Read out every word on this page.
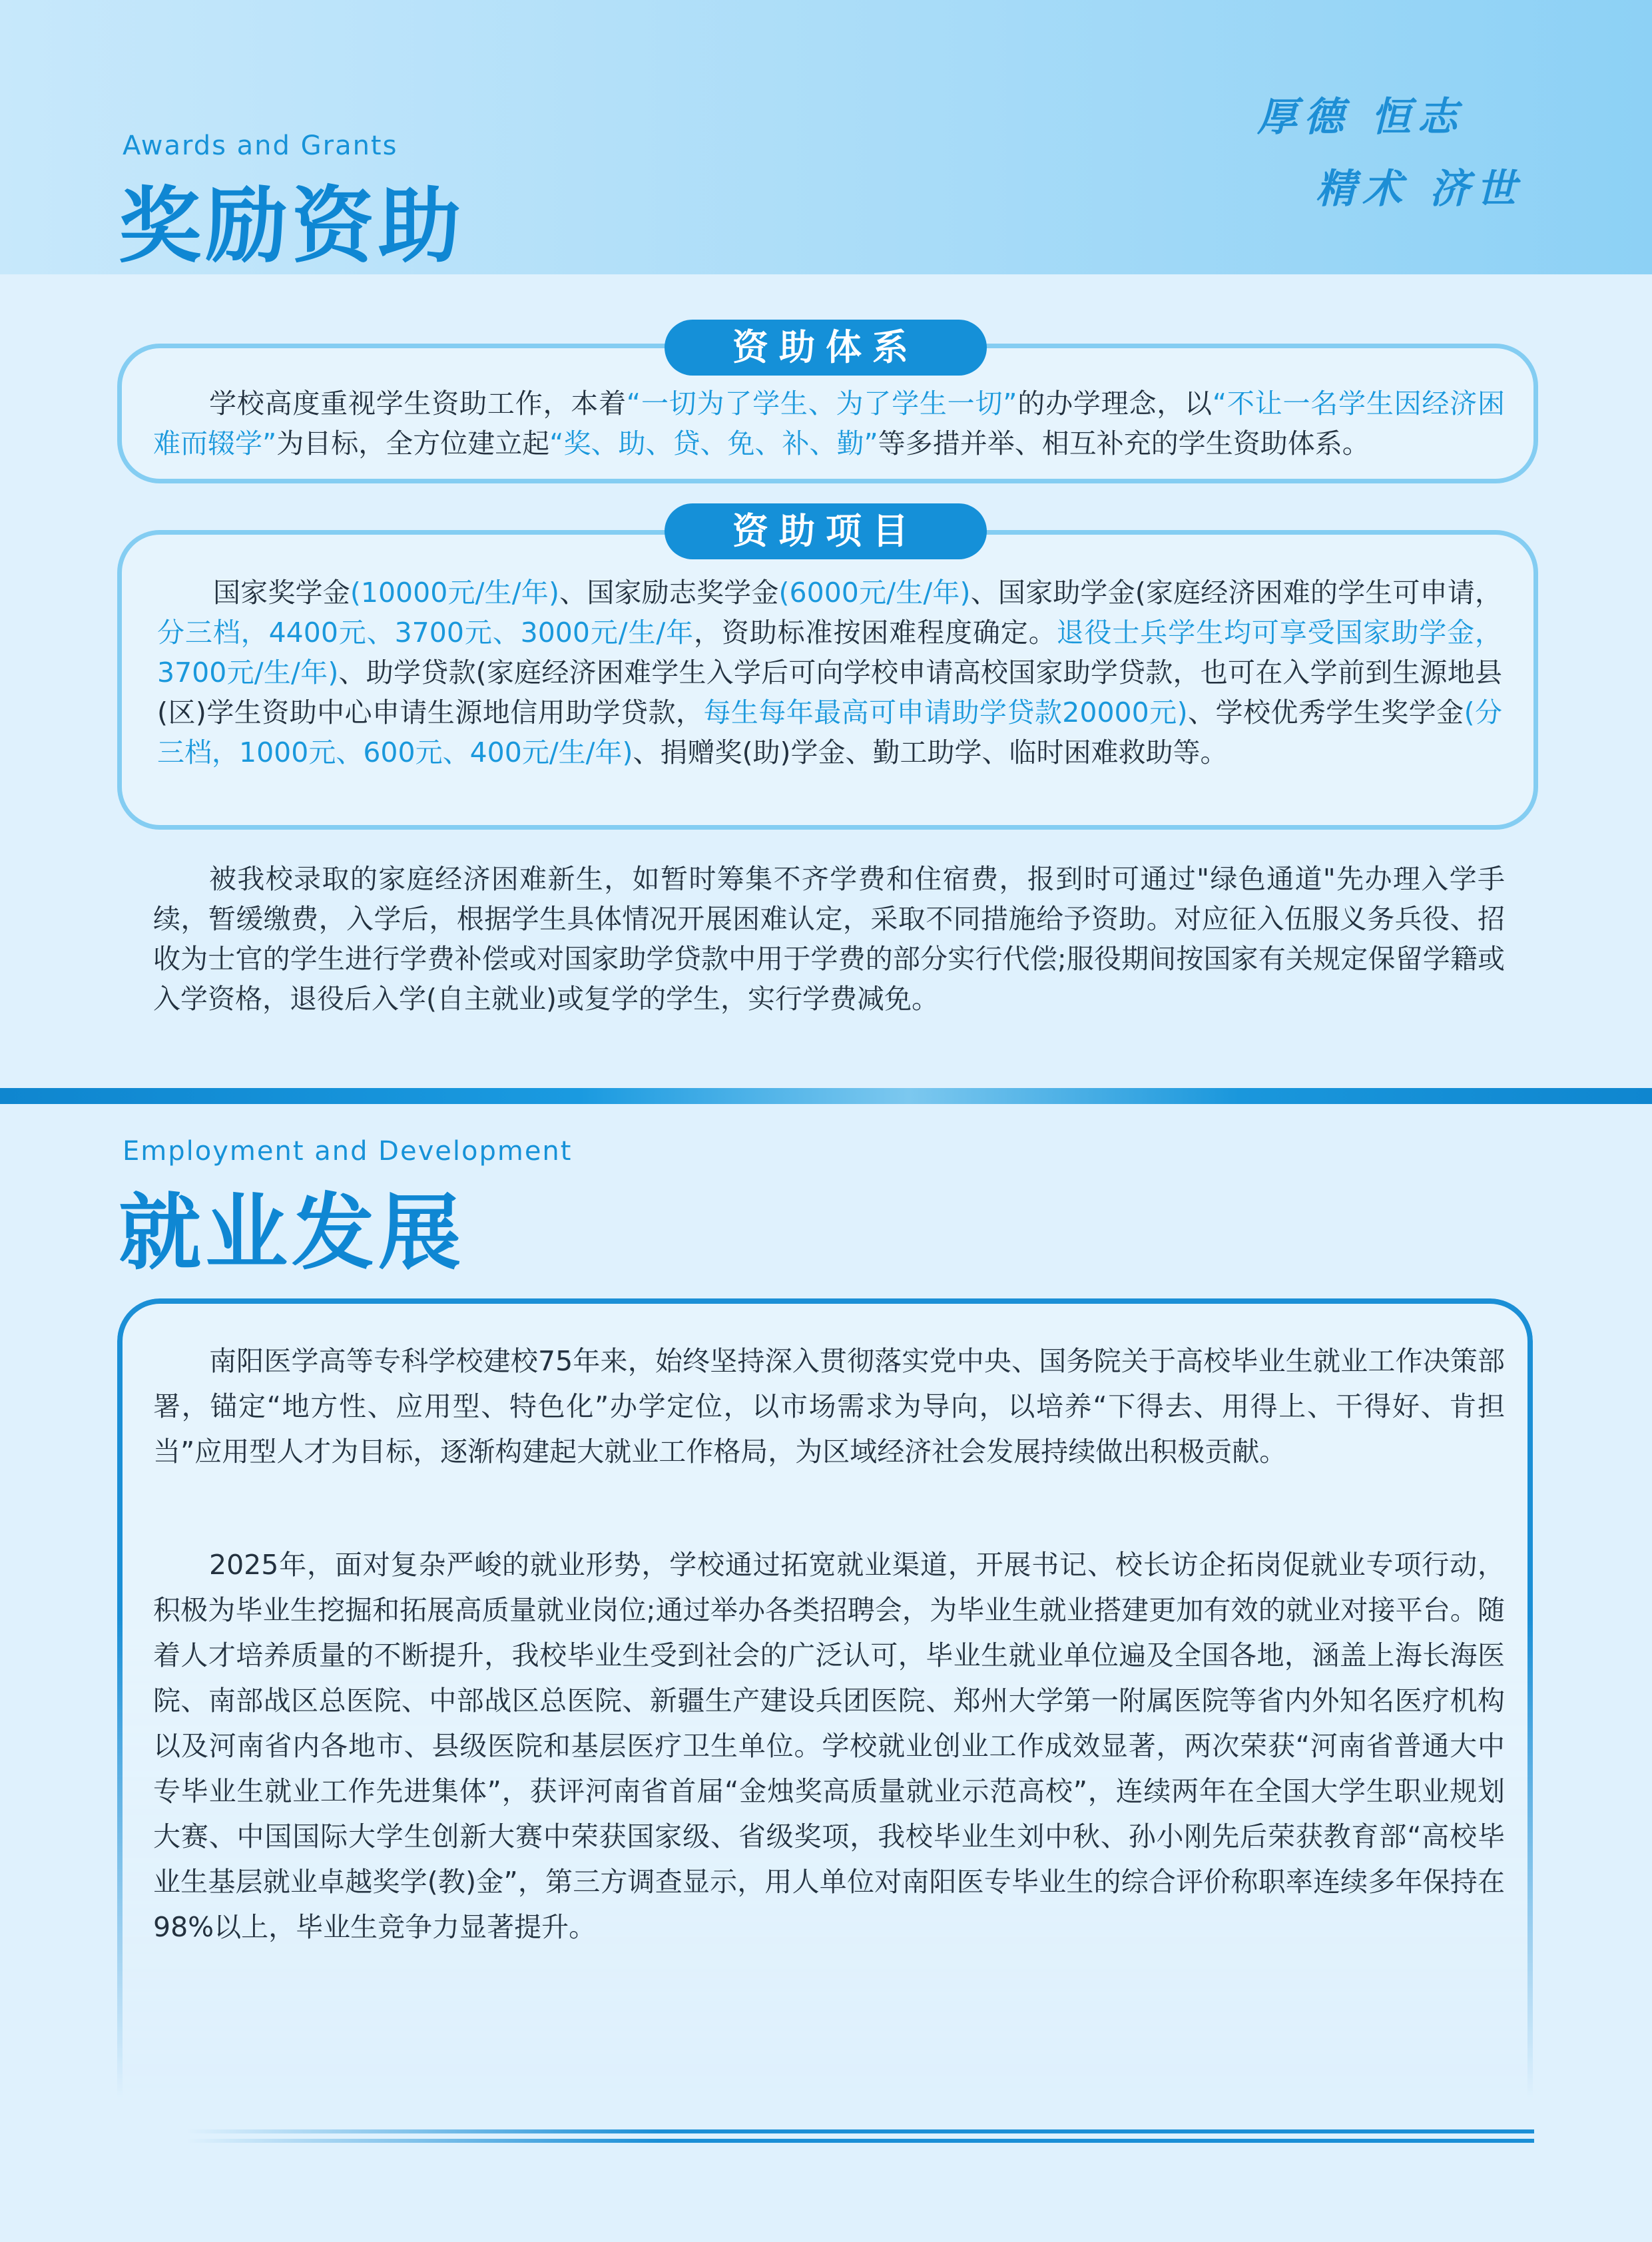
厚德 恒志
精术 济世
Awards and Grants
奖励资助
资助体系

学校高度重视学生资助工作，本着“一切为了学生、为了学生一切”的办学理念，以“不让一名学生因经济困难而辍学”为目标，全方位建立起“奖、助、贷、免、补、勤”等多措并举、相互补充的学生资助体系。

资助项目

国家奖学金(10000元/生/年)、国家励志奖学金(6000元/生/年)、国家助学金(家庭经济困难的学生可申请，分三档，4400元、3700元、3000元/生/年，资助标准按困难程度确定。退役士兵学生均可享受国家助学金，3700元/生/年)、助学贷款(家庭经济困难学生入学后可向学校申请高校国家助学贷款，也可在入学前到生源地县(区)学生资助中心申请生源地信用助学贷款，每生每年最高可申请助学贷款20000元)、学校优秀学生奖学金(分三档，1000元、600元、400元/生/年)、捐赠奖(助)学金、勤工助学、临时困难救助等。

被我校录取的家庭经济困难新生，如暂时筹集不齐学费和住宿费，报到时可通过"绿色通道"先办理入学手续，暂缓缴费，入学后，根据学生具体情况开展困难认定，采取不同措施给予资助。对应征入伍服义务兵役、招收为士官的学生进行学费补偿或对国家助学贷款中用于学费的部分实行代偿;服役期间按国家有关规定保留学籍或入学资格，退役后入学(自主就业)或复学的学生，实行学费减免。

Employment and Development
就业发展

南阳医学高等专科学校建校75年来，始终坚持深入贯彻落实党中央、国务院关于高校毕业生就业工作决策部署，锚定“地方性、应用型、特色化”办学定位，以市场需求为导向，以培养“下得去、用得上、干得好、肯担当”应用型人才为目标，逐渐构建起大就业工作格局，为区域经济社会发展持续做出积极贡献。

2025年，面对复杂严峻的就业形势，学校通过拓宽就业渠道，开展书记、校长访企拓岗促就业专项行动，积极为毕业生挖掘和拓展高质量就业岗位;通过举办各类招聘会，为毕业生就业搭建更加有效的就业对接平台。随着人才培养质量的不断提升，我校毕业生受到社会的广泛认可，毕业生就业单位遍及全国各地，涵盖上海长海医院、南部战区总医院、中部战区总医院、新疆生产建设兵团医院、郑州大学第一附属医院等省内外知名医疗机构以及河南省内各地市、县级医院和基层医疗卫生单位。学校就业创业工作成效显著，两次荣获“河南省普通大中专毕业生就业工作先进集体”，获评河南省首届“金烛奖高质量就业示范高校”，连续两年在全国大学生职业规划大赛、中国国际大学生创新大赛中荣获国家级、省级奖项，我校毕业生刘中秋、孙小刚先后荣获教育部“高校毕业生基层就业卓越奖学(教)金”，第三方调查显示，用人单位对南阳医专毕业生的综合评价称职率连续多年保持在98%以上，毕业生竞争力显著提升。
